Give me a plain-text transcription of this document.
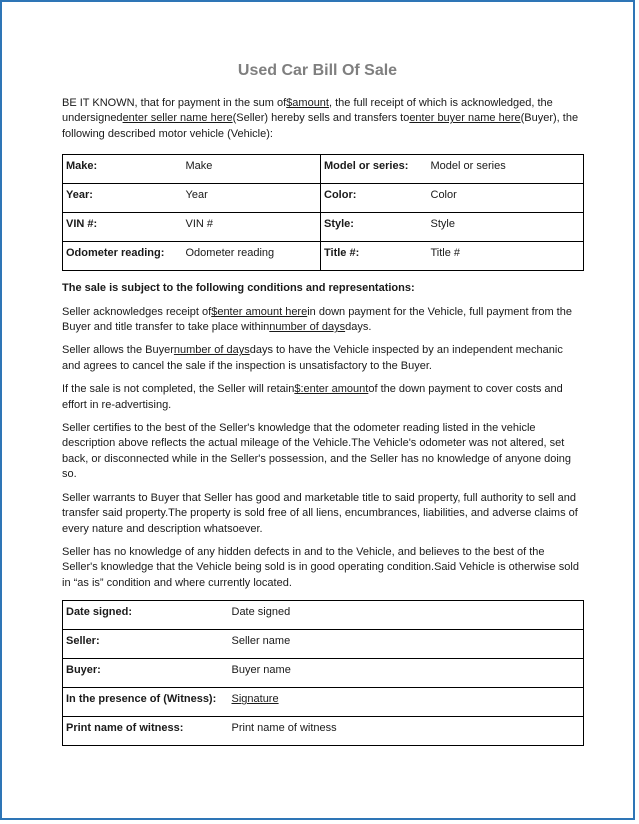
Used Car Bill Of Sale

BE IT KNOWN, that for payment in the sum of$amount, the full receipt of which is acknowledged, the undersignedenter seller name here(Seller) hereby sells and transfers toenter buyer name here(Buyer), the following described motor vehicle (Vehicle):

Make:	Make	Model or series:	Model or series
Year:	Year	Color:	Color
VIN #:	VIN #	Style:	Style
Odometer reading:	Odometer reading	Title #:	Title #

The sale is subject to the following conditions and representations:

Seller acknowledges receipt of$enter amount herein down payment for the Vehicle, full payment from the Buyer and title transfer to take place withinnumber of daysdays.

Seller allows the Buyernumber of daysdays to have the Vehicle inspected by an independent mechanic and agrees to cancel the sale if the inspection is unsatisfactory to the Buyer.

If the sale is not completed, the Seller will retain$:enter amountof the down payment to cover costs and effort in re-advertising.

Seller certifies to the best of the Seller's knowledge that the odometer reading listed in the vehicle description above reflects the actual mileage of the Vehicle.The Vehicle's odometer was not altered, set back, or disconnected while in the Seller's possession, and the Seller has no knowledge of anyone doing so.

Seller warrants to Buyer that Seller has good and marketable title to said property, full authority to sell and transfer said property.The property is sold free of all liens, encumbrances, liabilities, and adverse claims of every nature and description whatsoever.

Seller has no knowledge of any hidden defects in and to the Vehicle, and believes to the best of the Seller's knowledge that the Vehicle being sold is in good operating condition.Said Vehicle is otherwise sold in “as is” condition and where currently located.

Date signed:	Date signed
Seller:	Seller name
Buyer:	Buyer name
In the presence of (Witness):	Signature
Print name of witness:	Print name of witness
